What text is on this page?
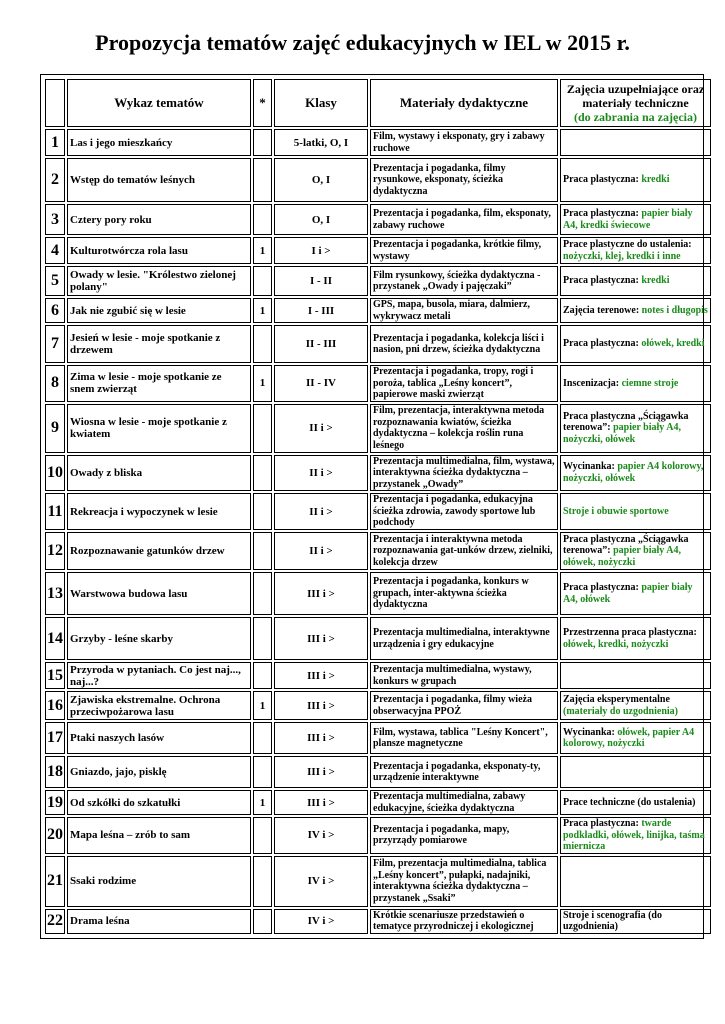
Propozycja tematów zajęć edukacyjnych w IEL w 2015 r.
	Wykaz tematów	*	Klasy	Materiały dydaktyczne	Zajęcia uzupełniające oraz materiały techniczne
(do zabrania na zajęcia)
1	Las i jego mieszkańcy		5-latki, O, I	Film, wystawy i eksponaty, gry i zabawy ruchowe	
2	Wstęp do tematów leśnych		O, I	Prezentacja i pogadanka, filmy rysunkowe, eksponaty, ścieżka dydaktyczna	Praca plastyczna: kredki
3	Cztery pory roku		O, I	Prezentacja i pogadanka, film, eksponaty, zabawy ruchowe	Praca plastyczna: papier biały A4, kredki świecowe
4	Kulturotwórcza rola lasu	1	I i >	Prezentacja i pogadanka, krótkie filmy, wystawy	Prace plastyczne do ustalenia: nożyczki, klej, kredki i inne
5	Owady w lesie. "Królestwo zielonej polany"		I - II	Film rysunkowy, ścieżka dydaktyczna - przystanek „Owady i pajęczaki”	Praca plastyczna: kredki
6	Jak nie zgubić się w lesie	1	I - III	GPS, mapa, busola, miara, dalmierz, wykrywacz metali	Zajęcia terenowe: notes i długopis
7	Jesień w lesie - moje spotkanie z drzewem		II - III	Prezentacja i pogadanka, kolekcja liści i nasion, pni drzew, ścieżka dydaktyczna	Praca plastyczna: ołówek, kredki
8	Zima w lesie - moje spotkanie ze snem zwierząt	1	II - IV	Prezentacja i pogadanka, tropy, rogi i poroża, tablica „Leśny koncert”, papierowe maski zwierząt	Inscenizacja: ciemne stroje
9	Wiosna w lesie - moje spotkanie z kwiatem		II i >	Film, prezentacja, interaktywna metoda rozpoznawania kwiatów, ścieżka dydaktyczna – kolekcja roślin runa leśnego	Praca plastyczna „Ściągawka terenowa”: papier biały A4, nożyczki, ołówek
10	Owady z bliska		II i >	Prezentacja multimedialna, film, wystawa, interaktywna ścieżka dydaktyczna – przystanek „Owady”	Wycinanka: papier A4 kolorowy, nożyczki, ołówek
11	Rekreacja i wypoczynek w lesie		II i >	Prezentacja i pogadanka, edukacyjna ścieżka zdrowia, zawody sportowe lub podchody	Stroje i obuwie sportowe
12	Rozpoznawanie gatunków drzew		II i >	Prezentacja i interaktywna metoda rozpoznawania gat-unków drzew, zielniki, kolekcja drzew	Praca plastyczna „Ściągawka terenowa”: papier biały A4, ołówek, nożyczki
13	Warstwowa budowa lasu		III i >	Prezentacja i pogadanka, konkurs w grupach, inter-aktywna ścieżka dydaktyczna	Praca plastyczna: papier biały A4, ołówek
14	Grzyby - leśne skarby		III i >	Prezentacja multimedialna, interaktywne urządzenia i gry edukacyjne	Przestrzenna praca plastyczna: ołówek, kredki, nożyczki
15	Przyroda w pytaniach. Co jest naj..., naj...?		III i >	Prezentacja multimedialna, wystawy, konkurs w grupach	
16	Zjawiska ekstremalne. Ochrona przeciwpożarowa lasu	1	III i >	Prezentacja i pogadanka, filmy wieża obserwacyjna PPOŻ	Zajęcia eksperymentalne (materiały do uzgodnienia)
17	Ptaki naszych lasów		III i >	Film, wystawa, tablica "Leśny Koncert", plansze magnetyczne	Wycinanka: ołówek, papier A4 kolorowy, nożyczki
18	Gniazdo, jajo, pisklę		III i >	Prezentacja i pogadanka, eksponaty-ty, urządzenie interaktywne	
19	Od szkółki do szkatułki	1	III i >	Prezentacja multimedialna, zabawy edukacyjne, ścieżka dydaktyczna	Prace techniczne (do ustalenia)
20	Mapa leśna – zrób to sam		IV i >	Prezentacja i pogadanka, mapy, przyrządy pomiarowe	Praca plastyczna: twarde podkładki, ołówek, linijka, taśma miernicza
21	Ssaki rodzime		IV i >	Film, prezentacja multimedialna, tablica „Leśny koncert”, pułapki, nadajniki, interaktywna ścieżka dydaktyczna – przystanek „Ssaki”	
22	Drama leśna		IV i >	Krótkie scenariusze przedstawień o tematyce przyrodniczej i ekologicznej	Stroje i scenografia (do uzgodnienia)
